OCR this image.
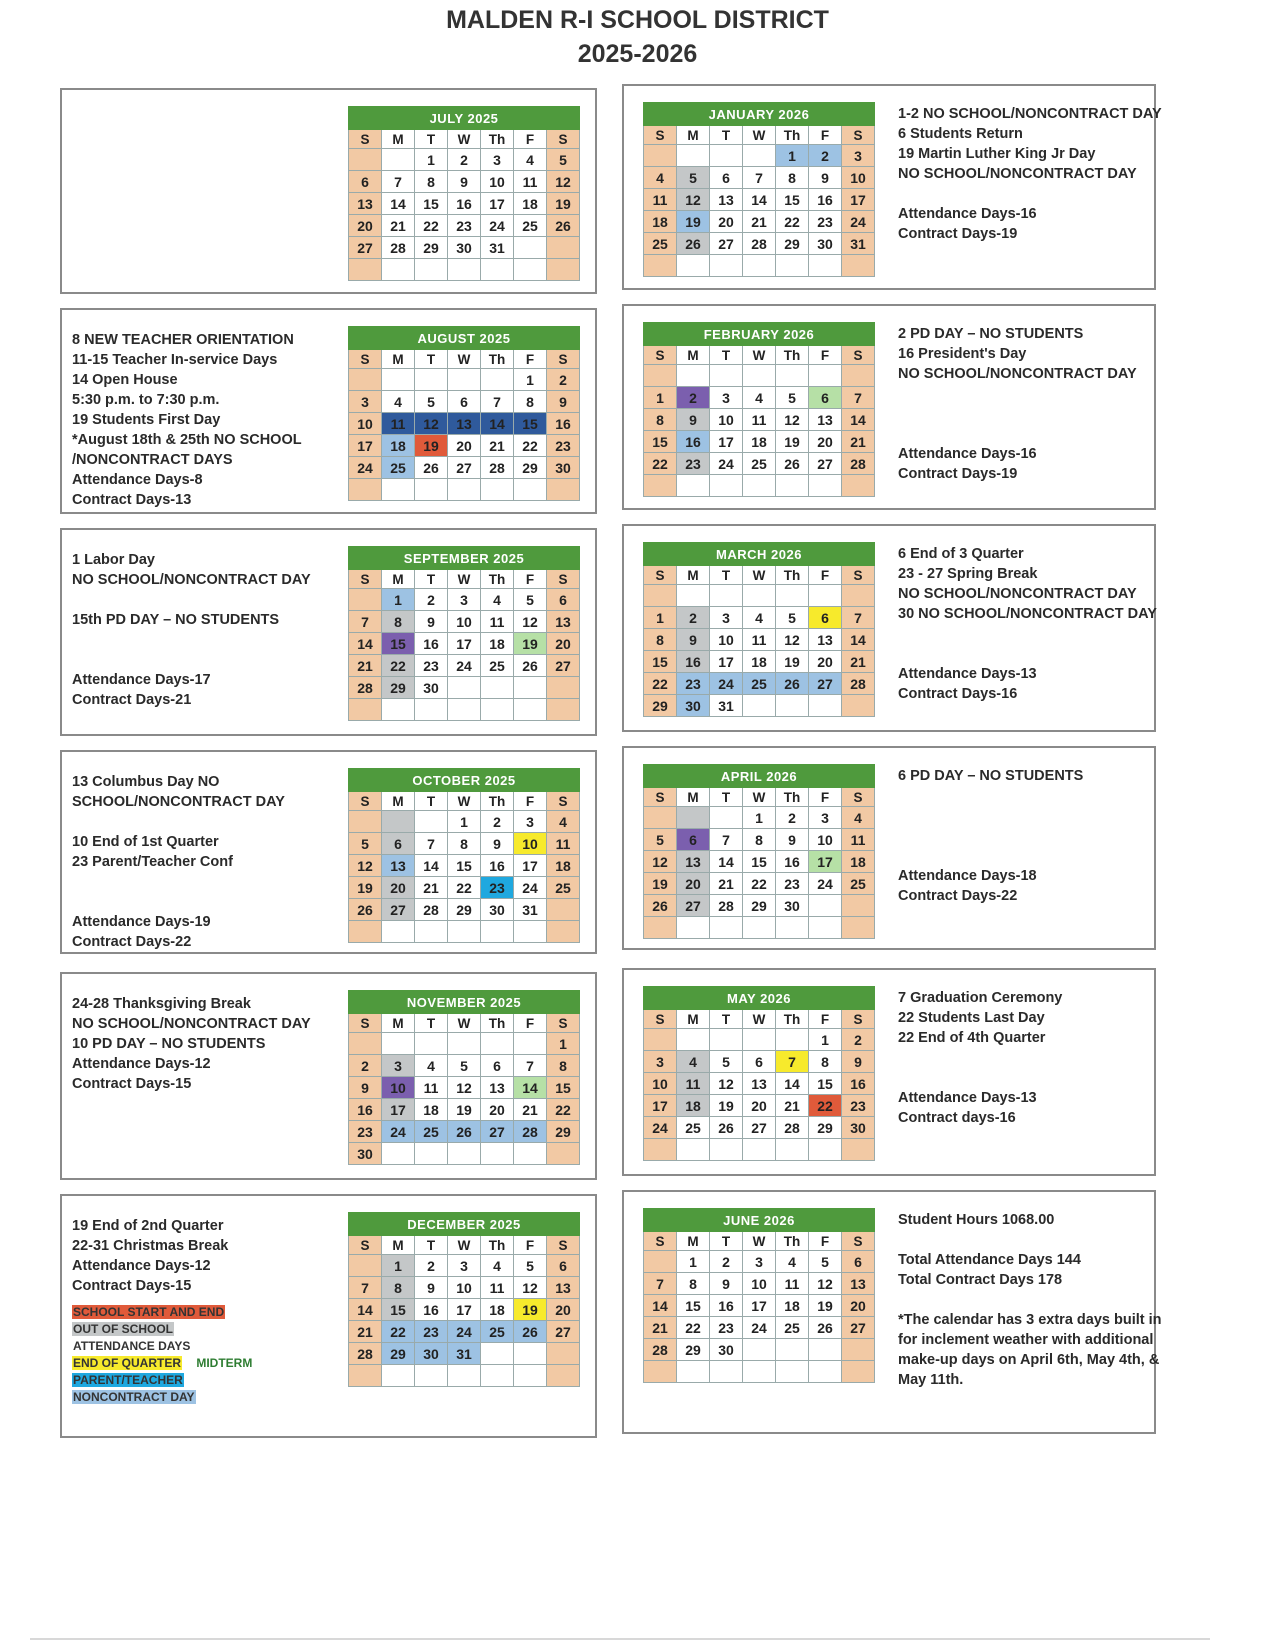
MALDEN R-I SCHOOL DISTRICT
2025-2026
JULY 2025						
S	M	T	W	Th	F	S
		1	2	3	4	5
6	7	8	9	10	11	12
13	14	15	16	17	18	19
20	21	22	23	24	25	26
27	28	29	30	31		

8 NEW TEACHER ORIENTATION
11-15 Teacher In-service Days
14 Open House
5:30 p.m. to 7:30 p.m.
19 Students First Day
*August 18th & 25th NO SCHOOL
/NONCONTRACT DAYS
Attendance Days-8
Contract Days-13
AUGUST 2025						
S	M	T	W	Th	F	S
					1	2
3	4	5	6	7	8	9
10	11	12	13	14	15	16
17	18	19	20	21	22	23
24	25	26	27	28	29	30

1 Labor Day
NO SCHOOL/NONCONTRACT DAY
15th PD DAY – NO STUDENTS
Attendance Days-17
Contract Days-21
SEPTEMBER 2025						
S	M	T	W	Th	F	S
	1	2	3	4	5	6
7	8	9	10	11	12	13
14	15	16	17	18	19	20
21	22	23	24	25	26	27
28	29	30				

13 Columbus Day NO
SCHOOL/NONCONTRACT DAY
10 End of 1st Quarter
23 Parent/Teacher Conf
Attendance Days-19
Contract Days-22
OCTOBER 2025						
S	M	T	W	Th	F	S
			1	2	3	4
5	6	7	8	9	10	11
12	13	14	15	16	17	18
19	20	21	22	23	24	25
26	27	28	29	30	31	

24-28 Thanksgiving Break
NO SCHOOL/NONCONTRACT DAY
10 PD DAY – NO STUDENTS
Attendance Days-12
Contract Days-15
NOVEMBER 2025						
S	M	T	W	Th	F	S
						1
2	3	4	5	6	7	8
9	10	11	12	13	14	15
16	17	18	19	20	21	22
23	24	25	26	27	28	29
30						
19 End of 2nd Quarter
22-31 Christmas Break
Attendance Days-12
Contract Days-15
DECEMBER 2025						
S	M	T	W	Th	F	S
	1	2	3	4	5	6
7	8	9	10	11	12	13
14	15	16	17	18	19	20
21	22	23	24	25	26	27
28	29	30	31			

SCHOOL START AND END
OUT OF SCHOOL
ATTENDANCE DAYS
END OF QUARTER MIDTERM
PARENT/TEACHER
NONCONTRACT DAY
1-2 NO SCHOOL/NONCONTRACT DAY
6 Students Return
19 Martin Luther King Jr Day
NO SCHOOL/NONCONTRACT DAY
Attendance Days-16
Contract Days-19
JANUARY 2026						
S	M	T	W	Th	F	S
				1	2	3
4	5	6	7	8	9	10
11	12	13	14	15	16	17
18	19	20	21	22	23	24
25	26	27	28	29	30	31

2 PD DAY – NO STUDENTS
16 President's Day
NO SCHOOL/NONCONTRACT DAY
Attendance Days-16
Contract Days-19
FEBRUARY 2026						
S	M	T	W	Th	F	S

1	2	3	4	5	6	7
8	9	10	11	12	13	14
15	16	17	18	19	20	21
22	23	24	25	26	27	28

6 End of 3 Quarter
23 - 27 Spring Break
NO SCHOOL/NONCONTRACT DAY
30 NO SCHOOL/NONCONTRACT DAY
Attendance Days-13
Contract Days-16
MARCH 2026						
S	M	T	W	Th	F	S

1	2	3	4	5	6	7
8	9	10	11	12	13	14
15	16	17	18	19	20	21
22	23	24	25	26	27	28
29	30	31				
6 PD DAY – NO STUDENTS
Attendance Days-18
Contract Days-22
APRIL 2026						
S	M	T	W	Th	F	S
			1	2	3	4
5	6	7	8	9	10	11
12	13	14	15	16	17	18
19	20	21	22	23	24	25
26	27	28	29	30		

7 Graduation Ceremony
22 Students Last Day
22 End of 4th Quarter
Attendance Days-13
Contract days-16
MAY 2026						
S	M	T	W	Th	F	S
					1	2
3	4	5	6	7	8	9
10	11	12	13	14	15	16
17	18	19	20	21	22	23
24	25	26	27	28	29	30

Student Hours 1068.00
Total Attendance Days 144
Total Contract Days 178
*The calendar has 3 extra days built in
for inclement weather with additional
make-up days on April 6th, May 4th, &
May 11th.
JUNE 2026						
S	M	T	W	Th	F	S
	1	2	3	4	5	6
7	8	9	10	11	12	13
14	15	16	17	18	19	20
21	22	23	24	25	26	27
28	29	30				
